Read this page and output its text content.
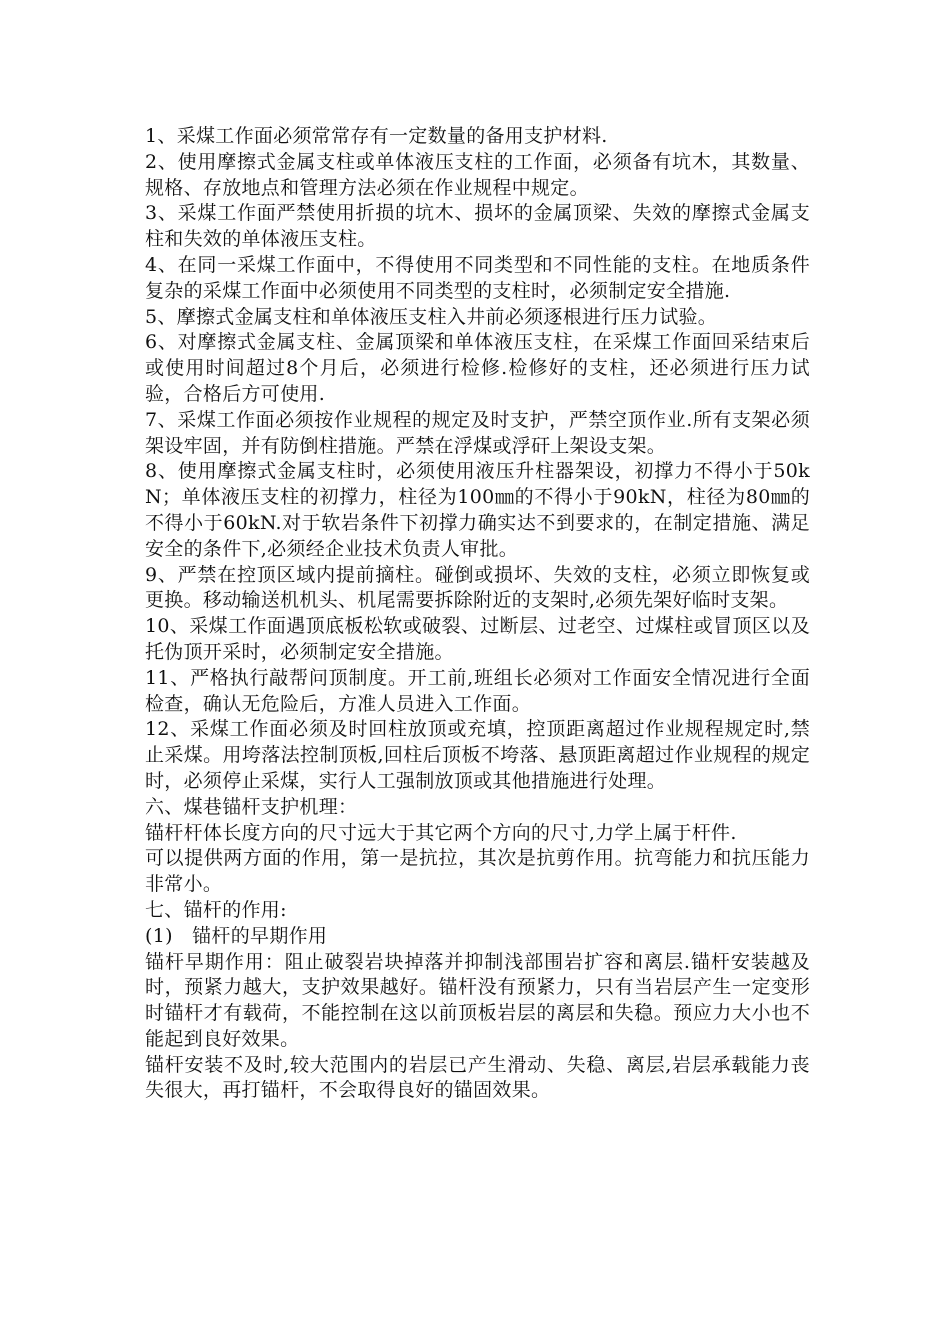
1、采煤工作面必须常常存有一定数量的备用支护材料.

2、使用摩擦式金属支柱或单体液压支柱的工作面，必须备有坑木，其数量、规格、存放地点和管理方法必须在作业规程中规定。

3、采煤工作面严禁使用折损的坑木、损坏的金属顶梁、失效的摩擦式金属支柱和失效的单体液压支柱。

4、在同一采煤工作面中，不得使用不同类型和不同性能的支柱。在地质条件复杂的采煤工作面中必须使用不同类型的支柱时，必须制定安全措施.

5、摩擦式金属支柱和单体液压支柱入井前必须逐根进行压力试验。

6、对摩擦式金属支柱、金属顶梁和单体液压支柱，在采煤工作面回采结束后或使用时间超过8个月后，必须进行检修.检修好的支柱，还必须进行压力试验，合格后方可使用.

7、采煤工作面必须按作业规程的规定及时支护，严禁空顶作业.所有支架必须架设牢固，并有防倒柱措施。严禁在浮煤或浮矸上架设支架。

8、使用摩擦式金属支柱时，必须使用液压升柱器架设，初撑力不得小于50kN；单体液压支柱的初撑力，柱径为100㎜的不得小于90kN，柱径为80㎜的不得小于60kN.对于软岩条件下初撑力确实达不到要求的，在制定措施、满足安全的条件下,必须经企业技术负责人审批。

9、严禁在控顶区域内提前摘柱。碰倒或损坏、失效的支柱，必须立即恢复或更换。移动输送机机头、机尾需要拆除附近的支架时,必须先架好临时支架。

10、采煤工作面遇顶底板松软或破裂、过断层、过老空、过煤柱或冒顶区以及托伪顶开采时，必须制定安全措施。

11、严格执行敲帮问顶制度。开工前,班组长必须对工作面安全情况进行全面检查，确认无危险后，方准人员进入工作面。

12、采煤工作面必须及时回柱放顶或充填，控顶距离超过作业规程规定时,禁止采煤。用垮落法控制顶板,回柱后顶板不垮落、悬顶距离超过作业规程的规定时，必须停止采煤，实行人工强制放顶或其他措施进行处理。

六、煤巷锚杆支护机理：

锚杆杆体长度方向的尺寸远大于其它两个方向的尺寸,力学上属于杆件.

可以提供两方面的作用，第一是抗拉，其次是抗剪作用。抗弯能力和抗压能力非常小。

七、锚杆的作用:

(1)　锚杆的早期作用

锚杆早期作用：阻止破裂岩块掉落并抑制浅部围岩扩容和离层.锚杆安装越及时，预紧力越大，支护效果越好。锚杆没有预紧力，只有当岩层产生一定变形时锚杆才有载荷，不能控制在这以前顶板岩层的离层和失稳。预应力大小也不能起到良好效果。

锚杆安装不及时,较大范围内的岩层已产生滑动、失稳、离层,岩层承载能力丧失很大，再打锚杆，不会取得良好的锚固效果。
